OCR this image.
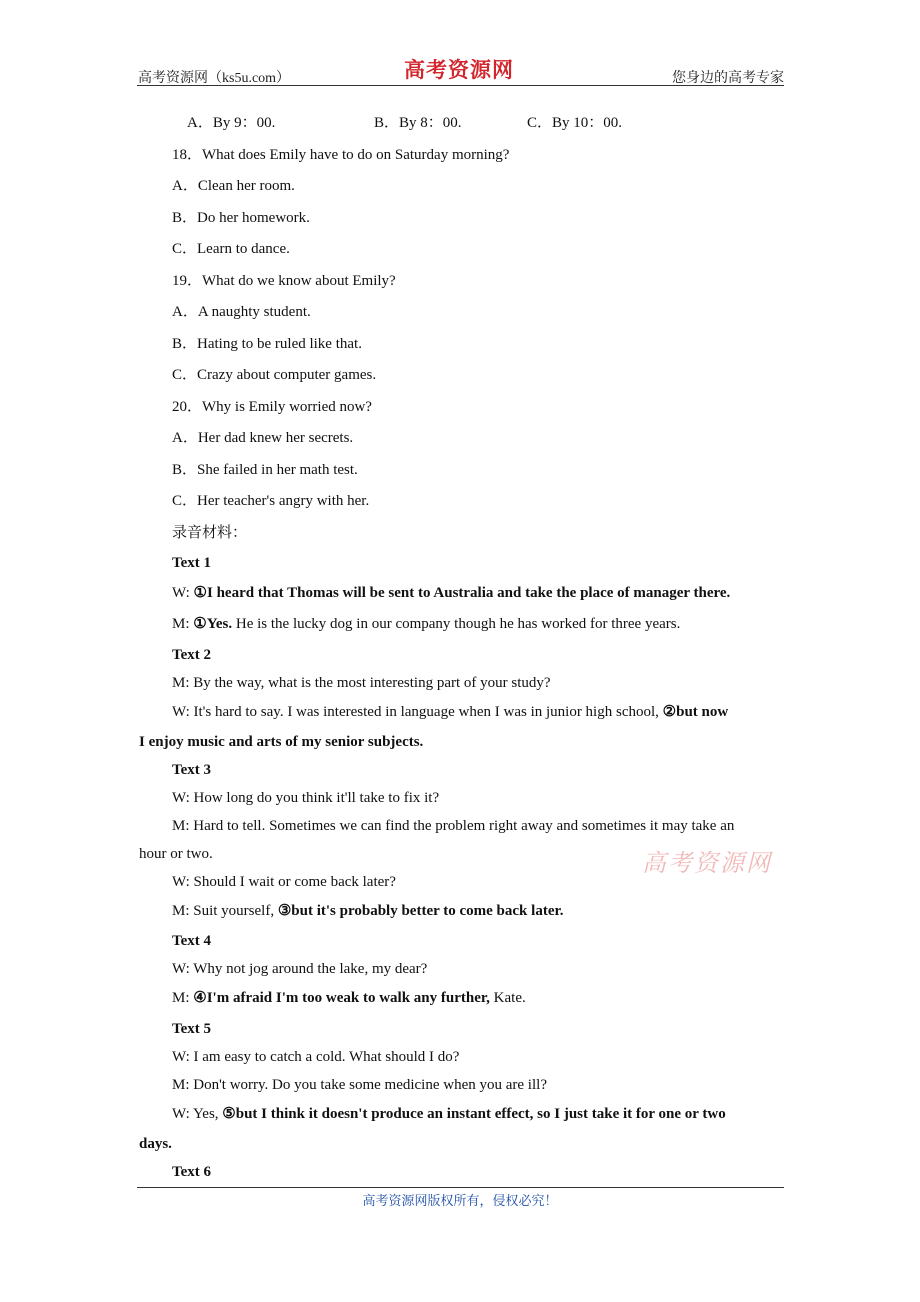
高考资源网（ks5u.com）	高考资源网	您身边的高考专家
A．By 9：00.	B．By 8：00.	C．By 10：00.
18．What does Emily have to do on Saturday morning?
A．Clean her room.
B．Do her homework.
C．Learn to dance.
19．What do we know about Emily?
A．A naughty student.
B．Hating to be ruled like that.
C．Crazy about computer games.
20．Why is Emily worried now?
A．Her dad knew her secrets.
B．She failed in her math test.
C．Her teacher's angry with her.
录音材料：
Text 1
W: ①I heard that Thomas will be sent to Australia and take the place of manager there.
M: ①Yes. He is the lucky dog in our company though he has worked for three years.
Text 2
M: By the way, what is the most interesting part of your study?
W: It's hard to say. I was interested in language when I was in junior high school, ②but now
I enjoy music and arts of my senior subjects.
Text 3
W: How long do you think it'll take to fix it?
M: Hard to tell. Sometimes we can find the problem right away and sometimes it may take an
hour or two.
W: Should I wait or come back later?
M: Suit yourself, ③but it's probably better to come back later.
Text 4
W: Why not jog around the lake, my dear?
M: ④I'm afraid I'm too weak to walk any further, Kate.
Text 5
W: I am easy to catch a cold. What should I do?
M: Don't worry. Do you take some medicine when you are ill?
W: Yes, ⑤but I think it doesn't produce an instant effect, so I just take it for one or two
days.
Text 6
高考资源网
高考资源网版权所有，侵权必究！
